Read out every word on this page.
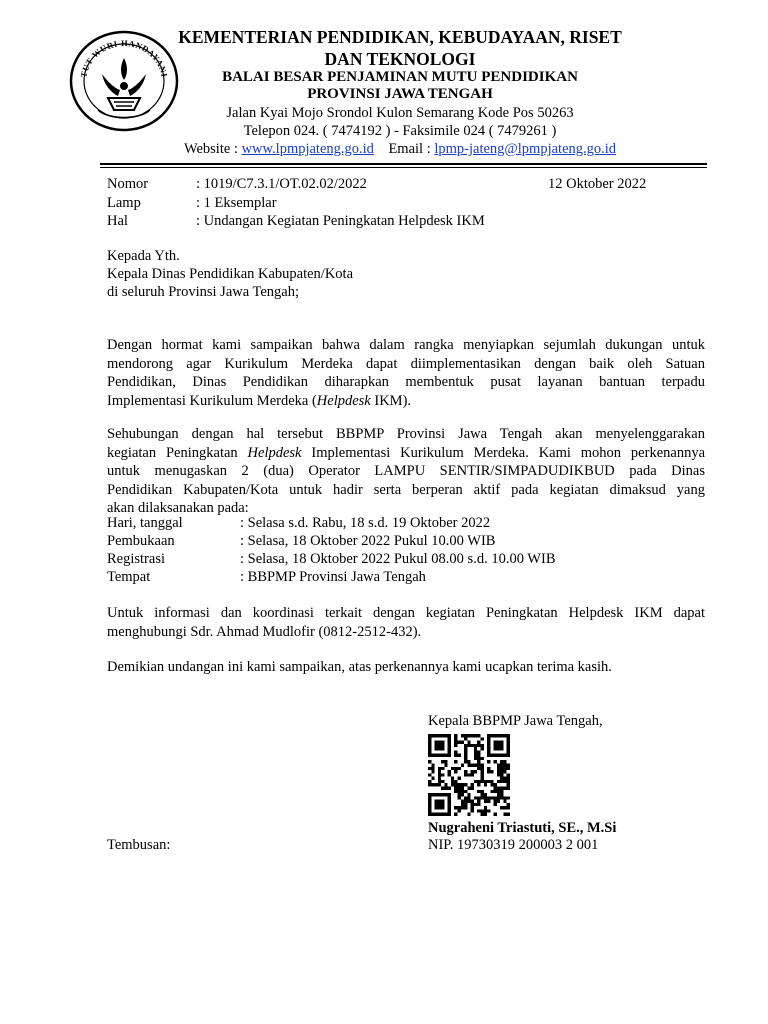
TUT WURI HANDAYANI
KEMENTERIAN PENDIDIKAN, KEBUDAYAAN, RISET
DAN TEKNOLOGI
BALAI BESAR PENJAMINAN MUTU PENDIDIKAN
PROVINSI JAWA TENGAH
Jalan Kyai Mojo Srondol Kulon Semarang Kode Pos 50263
Telepon 024. ( 7474192 ) - Faksimile 024 ( 7479261 )
Website : www.lpmpjateng.go.id Email : lpmp-jateng@lpmpjateng.go.id
Nomor	: 1019/C7.3.1/OT.02.02/2022	12 Oktober 2022
Lamp	: 1 Eksemplar
Hal	: Undangan Kegiatan Peningkatan Helpdesk IKM
Kepada Yth.
Kepala Dinas Pendidikan Kabupaten/Kota
di seluruh Provinsi Jawa Tengah;
Dengan hormat kami sampaikan bahwa dalam rangka menyiapkan sejumlah dukungan untuk
mendorong agar Kurikulum Merdeka dapat diimplementasikan dengan baik oleh Satuan
Pendidikan, Dinas Pendidikan diharapkan membentuk pusat layanan bantuan terpadu
Implementasi Kurikulum Merdeka (Helpdesk IKM).
Sehubungan dengan hal tersebut BBPMP Provinsi Jawa Tengah akan menyelenggarakan
kegiatan Peningkatan Helpdesk Implementasi Kurikulum Merdeka. Kami mohon perkenannya
untuk menugaskan 2 (dua) Operator LAMPU SENTIR/SIMPADUDIKBUD pada Dinas
Pendidikan Kabupaten/Kota untuk hadir serta berperan aktif pada kegiatan dimaksud yang
akan dilaksanakan pada:
Hari, tanggal	: Selasa s.d. Rabu, 18 s.d. 19 Oktober 2022
Pembukaan	: Selasa, 18 Oktober 2022 Pukul 10.00 WIB
Registrasi	: Selasa, 18 Oktober 2022 Pukul 08.00 s.d. 10.00 WIB
Tempat	: BBPMP Provinsi Jawa Tengah
Untuk informasi dan koordinasi terkait dengan kegiatan Peningkatan Helpdesk IKM dapat
menghubungi Sdr. Ahmad Mudlofir (0812-2512-432).
Demikian undangan ini kami sampaikan, atas perkenannya kami ucapkan terima kasih.
Kepala BBPMP Jawa Tengah,
Nugraheni Triastuti, SE., M.Si
NIP. 19730319 200003 2 001
Tembusan:
